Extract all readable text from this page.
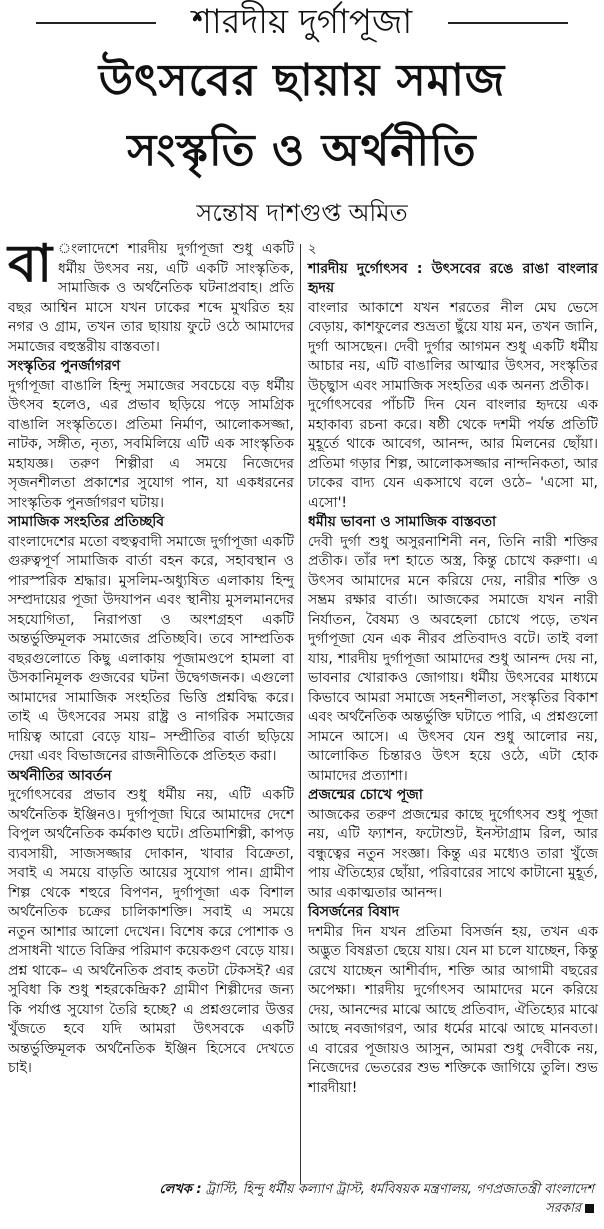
শারদীয় দুর্গাপূজা
উৎসবের ছায়ায় সমাজ
সংস্কৃতি ও অর্থনীতি
সন্তোষ দাশগুপ্ত অমিত

বা ংলাদেশে শারদীয় দুর্গাপূজা শুধু একটি ধর্মীয় উৎসব নয়, এটি একটি সাংস্কৃতিক, সামাজিক ও অর্থনৈতিক ঘটনাপ্রবাহ। প্রতি বছর আশ্বিন মাসে যখন ঢাকের শব্দে মুখরিত হয় নগর ও গ্রাম, তখন তার ছায়ায় ফুটে ওঠে আমাদের সমাজের বহুস্তরীয় বাস্তবতা।

সংস্কৃতির পুনর্জাগরণ

দুর্গাপূজা বাঙালি হিন্দু সমাজের সবচেয়ে বড় ধর্মীয় উৎসব হলেও, এর প্রভাব ছড়িয়ে পড়ে সামগ্রিক বাঙালি সংস্কৃতিতে। প্রতিমা নির্মাণ, আলোকসজ্জা, নাটক, সঙ্গীত, নৃত্য, সবমিলিয়ে এটি এক সাংস্কৃতিক মহাযজ্ঞ। তরুণ শিল্পীরা এ সময়ে নিজেদের সৃজনশীলতা প্রকাশের সুযোগ পান, যা একধরনের সাংস্কৃতিক পুনর্জাগরণ ঘটায়।

সামাজিক সংহতির প্রতিচ্ছবি

বাংলাদেশের মতো বহুত্ববাদী সমাজে দুর্গাপূজা একটি গুরুত্বপূর্ণ সামাজিক বার্তা বহন করে, সহাবস্থান ও পারস্পরিক শ্রদ্ধার। মুসলিম-অধ্যুষিত এলাকায় হিন্দু সম্প্রদায়ের পূজা উদযাপন এবং স্থানীয় মুসলমানদের সহযোগিতা, নিরাপত্তা ও অংশগ্রহণ একটি অন্তর্ভুক্তিমূলক সমাজের প্রতিচ্ছবি। তবে সাম্প্রতিক বছরগুলোতে কিছু এলাকায় পূজামণ্ডপে হামলা বা উসকানিমূলক গুজবের ঘটনা উদ্বেগজনক। এগুলো আমাদের সামাজিক সংহতির ভিত্তি প্রশ্নবিদ্ধ করে। তাই এ উৎসবের সময় রাষ্ট্র ও নাগরিক সমাজের দায়িত্ব আরো বেড়ে যায়– সম্প্রীতির বার্তা ছড়িয়ে দেয়া এবং বিভাজনের রাজনীতিকে প্রতিহত করা।

অর্থনীতির আবর্তন

দুর্গোৎসবের প্রভাব শুধু ধর্মীয় নয়, এটি একটি অর্থনৈতিক ইঞ্জিনও। দুর্গাপূজা ঘিরে আমাদের দেশে বিপুল অর্থনৈতিক কর্মকাণ্ড ঘটে। প্রতিমাশিল্পী, কাপড় ব্যবসায়ী, সাজসজ্জার দোকান, খাবার বিক্রেতা, সবাই এ সময়ে বাড়তি আয়ের সুযোগ পান। গ্রামীণ শিল্প থেকে শহুরে বিপণন, দুর্গাপূজা এক বিশাল অর্থনৈতিক চক্রের চালিকাশক্তি। সবাই এ সময়ে নতুন আশার আলো দেখেন। বিশেষ করে পোশাক ও প্রসাধনী খাতে বিক্রির পরিমাণ কয়েকগুণ বেড়ে যায়। প্রশ্ন থাকে– এ অর্থনৈতিক প্রবাহ কতটা টেকসই? এর সুবিধা কি শুধু শহরকেন্দ্রিক? গ্রামীণ শিল্পীদের জন্য কি পর্যাপ্ত সুযোগ তৈরি হচ্ছে? এ প্রশ্নগুলোর উত্তর খুঁজতে হবে যদি আমরা উৎসবকে একটি অন্তর্ভুক্তিমূলক অর্থনৈতিক ইঞ্জিন হিসেবে দেখতে চাই।

২

শারদীয় দুর্গোৎসব : উৎসবের রঙে রাঙা বাংলার হৃদয়

বাংলার আকাশে যখন শরতের নীল মেঘ ভেসে বেড়ায়, কাশফুলের শুভ্রতা ছুঁয়ে যায় মন, তখন জানি, দুর্গা আসছেন। দেবী দুর্গার আগমন শুধু একটি ধর্মীয় আচার নয়, এটি বাঙালির আত্মার উৎসব, সংস্কৃতির উচ্ছ্বাস এবং সামাজিক সংহতির এক অনন্য প্রতীক।

দুর্গোৎসবের পাঁচটি দিন যেন বাংলার হৃদয়ে এক মহাকাব্য রচনা করে। ষষ্ঠী থেকে দশমী পর্যন্ত প্রতিটি মুহূর্তে থাকে আবেগ, আনন্দ, আর মিলনের ছোঁয়া। প্রতিমা গড়ার শিল্প, আলোকসজ্জার নান্দনিকতা, আর ঢাকের বাদ্য যেন একসাথে বলে ওঠে– 'এসো মা, এসো'!

ধর্মীয় ভাবনা ও সামাজিক বাস্তবতা

দেবী দুর্গা শুধু অসুরনাশিনী নন, তিনি নারী শক্তির প্রতীক। তাঁর দশ হাতে অস্ত্র, কিন্তু চোখে করুণা। এ উৎসব আমাদের মনে করিয়ে দেয়, নারীর শক্তি ও সম্ভ্রম রক্ষার বার্তা। আজকের সমাজে যখন নারী নির্যাতন, বৈষম্য ও অবহেলা চোখে পড়ে, তখন দুর্গাপূজা যেন এক নীরব প্রতিবাদও বটে। তাই বলা যায়, শারদীয় দুর্গাপূজা আমাদের শুধু আনন্দ দেয় না, ভাবনার খোরাকও জোগায়। ধর্মীয় উৎসবের মাধ্যমে কিভাবে আমরা সমাজে সহনশীলতা, সংস্কৃতির বিকাশ এবং অর্থনৈতিক অন্তর্ভুক্তি ঘটাতে পারি, এ প্রশ্নগুলো সামনে আসে। এ উৎসব যেন শুধু আলোর নয়, আলোকিত চিন্তারও উৎস হয়ে ওঠে, এটা হোক আমাদের প্রত্যাশা।

প্রজন্মের চোখে পূজা

আজকের তরুণ প্রজন্মের কাছে দুর্গোৎসব শুধু পূজা নয়, এটি ফ্যাশন, ফটোশুট, ইনস্টাগ্রাম রিল, আর বন্ধুত্বের নতুন সংজ্ঞা। কিন্তু এর মধ্যেও তারা খুঁজে পায় ঐতিহ্যের ছোঁয়া, পরিবারের সাথে কাটানো মুহূর্ত, আর একাত্মতার আনন্দ।

বিসর্জনের বিষাদ

দশমীর দিন যখন প্রতিমা বিসর্জন হয়, তখন এক অদ্ভুত বিষণ্ণতা ছেয়ে যায়। যেন মা চলে যাচ্ছেন, কিন্তু রেখে যাচ্ছেন আশীর্বাদ, শক্তি আর আগামী বছরের অপেক্ষা। শারদীয় দুর্গোৎসব আমাদের মনে করিয়ে দেয়, আনন্দের মাঝে আছে প্রতিবাদ, ঐতিহ্যের মাঝে আছে নবজাগরণ, আর ধর্মের মাঝে আছে মানবতা। এ বারের পূজায়ও আসুন, আমরা শুধু দেবীকে নয়, নিজেদের ভেতরের শুভ শক্তিকে জাগিয়ে তুলি। শুভ শারদীয়া!

লেখক : ট্রাস্টি, হিন্দু ধর্মীয় কল্যাণ ট্রাস্ট, ধর্মবিষয়ক মন্ত্রণালয়, গণপ্রজাতন্ত্রী বাংলাদেশ সরকার
